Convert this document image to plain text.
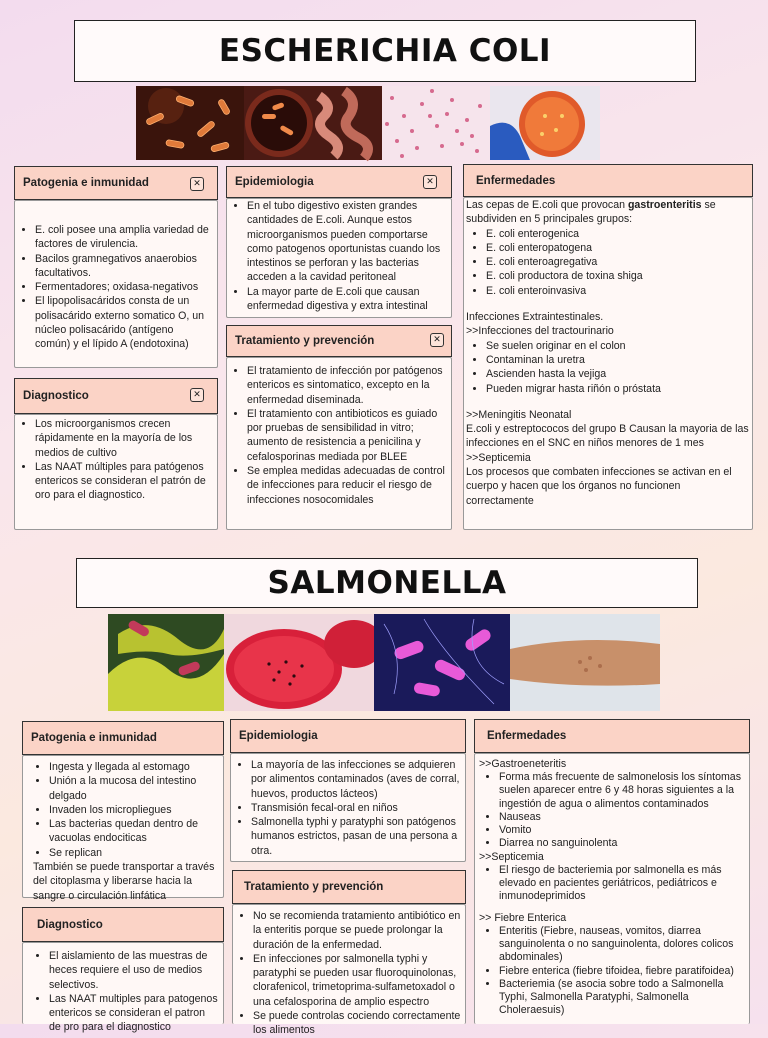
ESCHERICHIA COLI
Patogenia e inmunidad	✕
• E. coli posee una amplia variedad de factores de virulencia.
• Bacilos gramnegativos anaerobios facultativos.
• Fermentadores; oxidasa-negativos
• El lipopolisacáridos consta de un polisacárido externo somatico O, un núcleo polisacárido (antígeno común) y el lípido A (endotoxina)
Diagnostico	✕
• Los microorganismos crecen rápidamente en la mayoría de los medios de cultivo
• Las NAAT múltiples para patógenos entericos se consideran el patrón de oro para el diagnostico.
Epidemiologia	✕
• En el tubo digestivo existen grandes cantidades de E.coli. Aunque estos microorganismos pueden comportarse como patogenos oportunistas cuando los intestinos se perforan y las bacterias acceden a la cavidad peritoneal
• La mayor parte de E.coli que causan enfermedad digestiva y extra intestinal
Tratamiento y prevención	✕
• El tratamiento de infección por patógenos entericos es sintomatico, excepto en la enfermedad diseminada.
• El tratamiento con antibioticos es guiado por pruebas de sensibilidad in vitro; aumento de resistencia a penicilina y cefalosporinas mediada por BLEE
• Se emplea medidas adecuadas de control de infecciones para reducir el riesgo de infecciones nosocomidales
Enfermedades

Las cepas de E.coli que provocan gastroenteritis se subdividen en 5 principales grupos:

• E. coli enterogenica
• E. coli enteropatogena
• E. coli enteroagregativa
• E. coli productora de toxina shiga
• E. coli enteroinvasiva

Infecciones Extraintestinales.

>>Infecciones del tractourinario

• Se suelen originar en el colon
• Contaminan la uretra
• Ascienden hasta la vejiga
• Pueden migrar hasta riñón o próstata

>>Meningitis Neonatal

E.coli y estreptococos del grupo B Causan la mayoria de las infecciones en el SNC en niños menores de 1 mes

>>Septicemia

Los procesos que combaten infecciones se activan en el cuerpo y hacen que los órganos no funcionen correctamente

SALMONELLA
Patogenia e inmunidad
• Ingesta y llegada al estomago
• Unión a la mucosa del intestino delgado
• Invaden los micropliegues
• Las bacterias quedan dentro de vacuolas endociticas
• Se replican

También se puede transportar a través del citoplasma y liberarse hacia la sangre o circulación linfática

Diagnostico
• El aislamiento de las muestras de heces requiere el uso de medios selectivos.
• Las NAAT multiples para patogenos entericos se consideran el patron de pro para el diagnostico
Epidemiologia
• La mayoría de las infecciones se adquieren por alimentos contaminados (aves de corral, huevos, productos lácteos)
• Transmisión fecal-oral en niños
• Salmonella typhi y paratyphi son patógenos humanos estrictos, pasan de una persona a otra.
Tratamiento y prevención
• No se recomienda tratamiento antibiótico en la enteritis porque se puede prolongar la duración de la enfermedad.
• En infecciones por salmonella typhi y paratyphi se pueden usar fluoroquinolonas, clorafenicol, trimetoprima-sulfametoxadol o una cefalosporina de amplio espectro
• Se puede controlas cociendo correctamente los alimentos
Enfermedades

>>Gastroeneteritis

• Forma más frecuente de salmonelosis los síntomas suelen aparecer entre 6 y 48 horas siguientes a la ingestión de agua o alimentos contaminados
• Nauseas
• Vomito
• Diarrea no sanguinolenta

>>Septicemia

• El riesgo de bacteriemia por salmonella es más elevado en pacientes geriátricos, pediátricos e inmunodeprimidos

>> Fiebre Enterica

• Enteritis (Fiebre, nauseas, vomitos, diarrea sanguinolenta o no sanguinolenta, dolores colicos abdominales)
• Fiebre enterica (fiebre tifoidea, fiebre paratifoidea)
• Bacteriemia (se asocia sobre todo a Salmonella Typhi, Salmonella Paratyphi, Salmonella Choleraesuis)
